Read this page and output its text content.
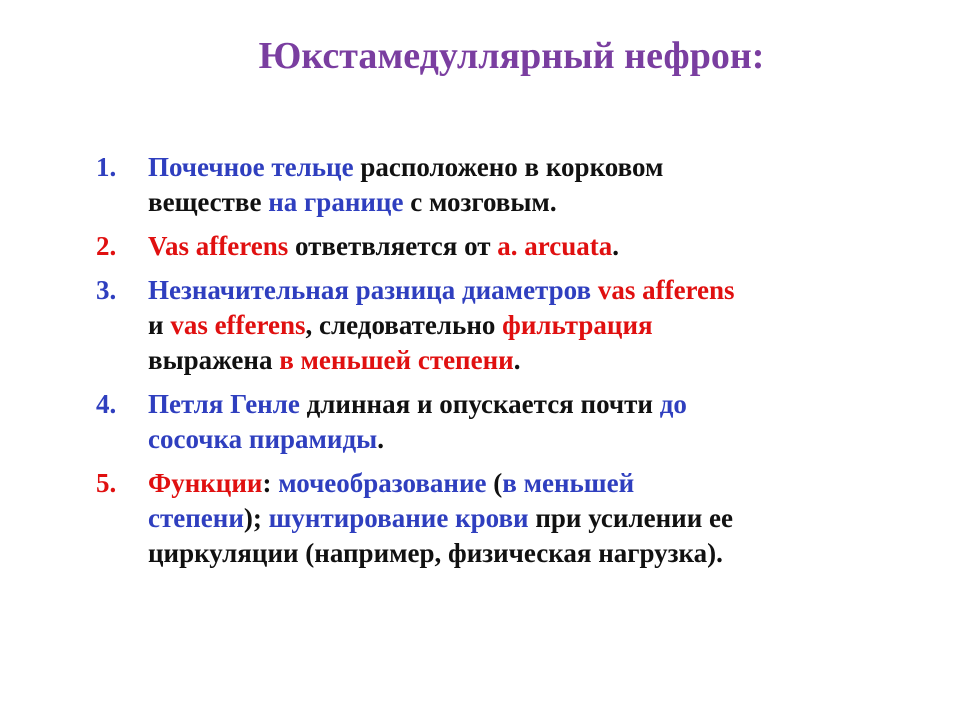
Юкстамедуллярный нефрон:
1.	Почечное тельце расположено в корковом
веществе на границе с мозговым.
2.	Vas afferens ответвляется от a. arcuata.
3.	Незначительная разница диаметров vas afferens
и vas efferens, следовательно фильтрация
выражена в меньшей степени.
4.	Петля Генле длинная и опускается почти до
сосочка пирамиды.
5.	Функции: мочеобразование (в меньшей
степени); шунтирование крови при усилении ее
циркуляции (например, физическая нагрузка).
